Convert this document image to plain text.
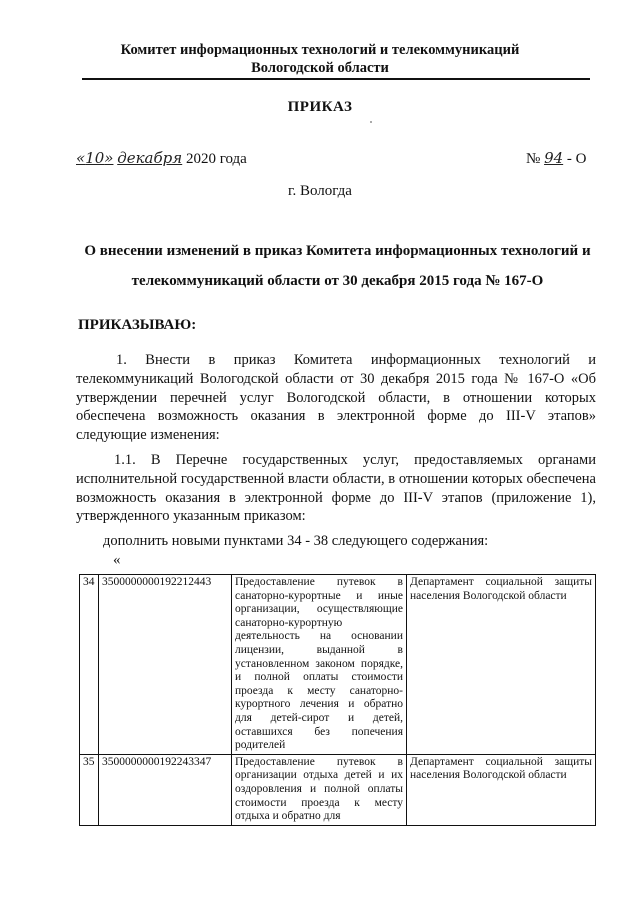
Комитет информационных технологий и телекоммуникаций
Вологодской области
ПРИКАЗ
«10» декабря 2020 года	№ 94 - О
г. Вологда
О внесении изменений в приказ Комитета информационных технологий и
телекоммуникаций области от 30 декабря 2015 года № 167-О
ПРИКАЗЫВАЮ:
1. Внести в приказ Комитета информационных технологий и
телекоммуникаций Вологодской области от 30 декабря 2015 года № 167-О «Об утверждении перечней услуг Вологодской области, в отношении которых обеспечена возможность оказания в электронной форме до III-V этапов» следующие изменения:
1.1. В Перечне государственных услуг, предоставляемых органами
исполнительной государственной власти области, в отношении которых обеспечена возможность оказания в электронной форме до III-V этапов (приложение 1), утвержденного указанным приказом:
дополнить новыми пунктами 34 - 38 следующего содержания:
«
34	3500000000192212443	Предоставление путевок в санаторно-курортные и иные организации, осуществляющие санаторно-курортную деятельность на основании лицензии, выданной в установленном законом порядке, и полной оплаты стоимости проезда к месту санаторно-курортного лечения и обратно для детей-сирот и детей, оставшихся без попечения родителей	Департамент социальной защиты населения Вологодской области
35	3500000000192243347	Предоставление путевок в организации отдыха детей и их оздоровления и полной оплаты стоимости проезда к месту отдыха и обратно для	Департамент социальной защиты населения Вологодской области
